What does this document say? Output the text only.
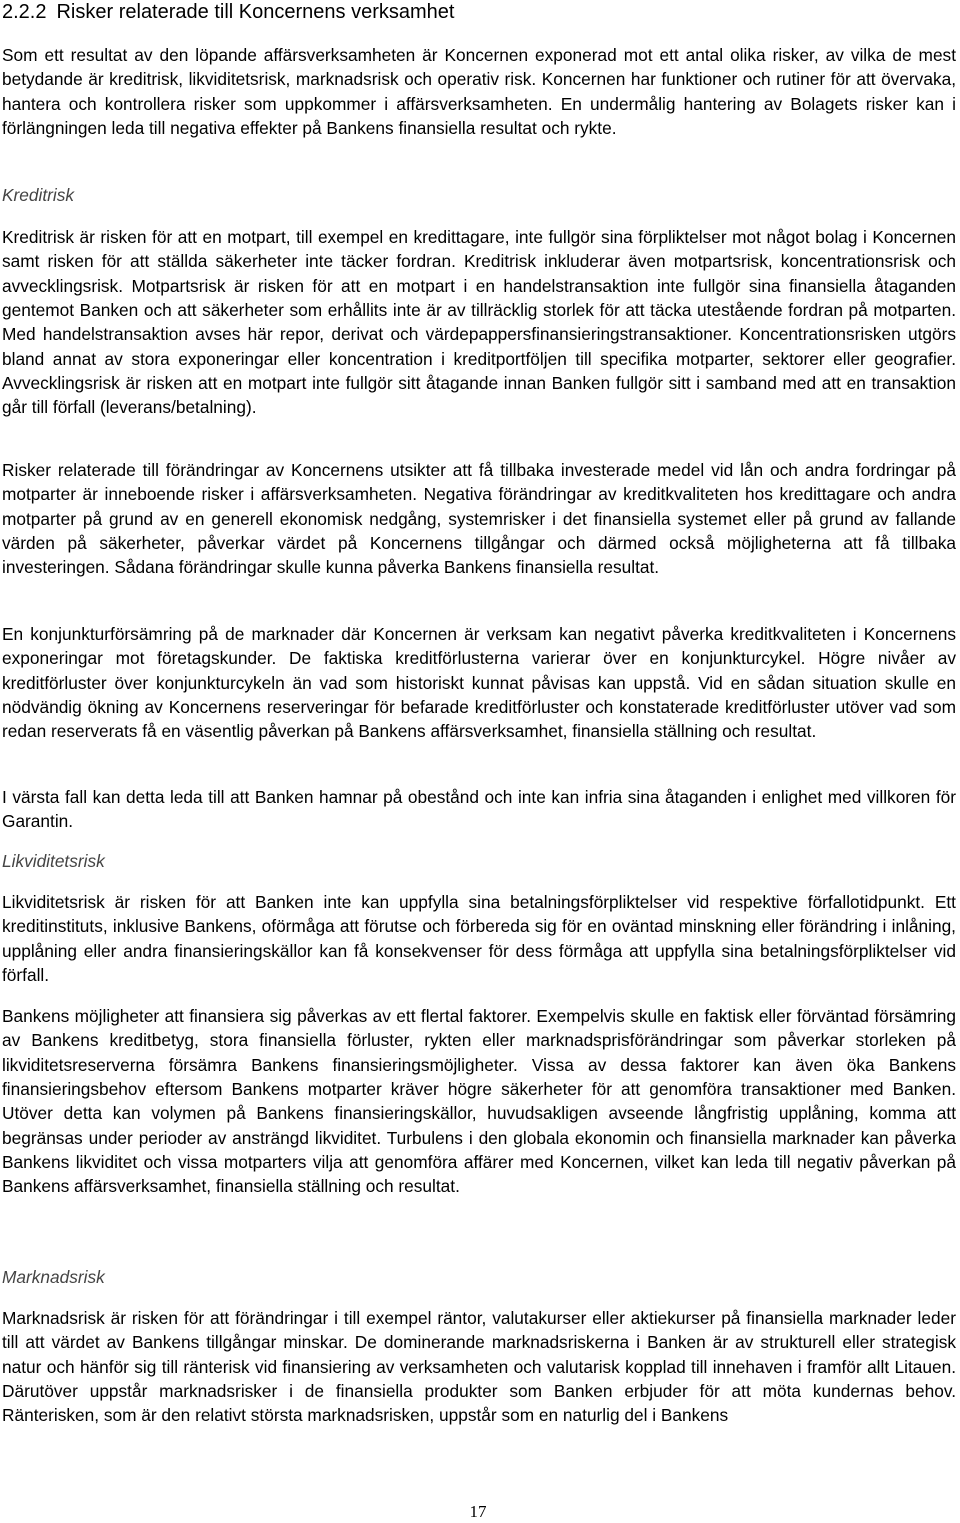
2.2.2 Risker relaterade till Koncernens verksamhet

Som ett resultat av den löpande affärsverksamheten är Koncernen exponerad mot ett antal olika risker, av vilka de mest betydande är kreditrisk, likviditetsrisk, marknadsrisk och operativ risk. Koncernen har funktioner och rutiner för att övervaka, hantera och kontrollera risker som uppkommer i affärsverksamheten. En undermålig hantering av Bolagets risker kan i förlängningen leda till negativa effekter på Bankens finansiella resultat och rykte.

Kreditrisk

Kreditrisk är risken för att en motpart, till exempel en kredittagare, inte fullgör sina förpliktelser mot något bolag i Koncernen samt risken för att ställda säkerheter inte täcker fordran. Kreditrisk inkluderar även motpartsrisk, koncentrationsrisk och avvecklingsrisk. Motpartsrisk är risken för att en motpart i en handelstransaktion inte fullgör sina finansiella åtaganden gentemot Banken och att säkerheter som erhållits inte är av tillräcklig storlek för att täcka utestående fordran på motparten. Med handelstransaktion avses här repor, derivat och värdepappersfinansieringstransaktioner. Koncentrationsrisken utgörs bland annat av stora exponeringar eller koncentration i kreditportföljen till specifika motparter, sektorer eller geografier. Avvecklingsrisk är risken att en motpart inte fullgör sitt åtagande innan Banken fullgör sitt i samband med att en transaktion går till förfall (leverans/betalning).

Risker relaterade till förändringar av Koncernens utsikter att få tillbaka investerade medel vid lån och andra fordringar på motparter är inneboende risker i affärsverksamheten. Negativa förändringar av kreditkvaliteten hos kredittagare och andra motparter på grund av en generell ekonomisk nedgång, systemrisker i det finansiella systemet eller på grund av fallande värden på säkerheter, påverkar värdet på Koncernens tillgångar och därmed också möjligheterna att få tillbaka investeringen. Sådana förändringar skulle kunna påverka Bankens finansiella resultat.

En konjunkturförsämring på de marknader där Koncernen är verksam kan negativt påverka kreditkvaliteten i Koncernens exponeringar mot företagskunder. De faktiska kreditförlusterna varierar över en konjunkturcykel. Högre nivåer av kreditförluster över konjunkturcykeln än vad som historiskt kunnat påvisas kan uppstå. Vid en sådan situation skulle en nödvändig ökning av Koncernens reserveringar för befarade kreditförluster och konstaterade kreditförluster utöver vad som redan reserverats få en väsentlig påverkan på Bankens affärsverksamhet, finansiella ställning och resultat.

I värsta fall kan detta leda till att Banken hamnar på obestånd och inte kan infria sina åtaganden i enlighet med villkoren för Garantin.

Likviditetsrisk

Likviditetsrisk är risken för att Banken inte kan uppfylla sina betalningsförpliktelser vid respektive förfallotidpunkt. Ett kreditinstituts, inklusive Bankens, oförmåga att förutse och förbereda sig för en oväntad minskning eller förändring i inlåning, upplåning eller andra finansieringskällor kan få konsekvenser för dess förmåga att uppfylla sina betalningsförpliktelser vid förfall.

Bankens möjligheter att finansiera sig påverkas av ett flertal faktorer. Exempelvis skulle en faktisk eller förväntad försämring av Bankens kreditbetyg, stora finansiella förluster, rykten eller marknadsprisförändringar som påverkar storleken på likviditetsreserverna försämra Bankens finansieringsmöjligheter. Vissa av dessa faktorer kan även öka Bankens finansieringsbehov eftersom Bankens motparter kräver högre säkerheter för att genomföra transaktioner med Banken. Utöver detta kan volymen på Bankens finansieringskällor, huvudsakligen avseende långfristig upplåning, komma att begränsas under perioder av ansträngd likviditet. Turbulens i den globala ekonomin och finansiella marknader kan påverka Bankens likviditet och vissa motparters vilja att genomföra affärer med Koncernen, vilket kan leda till negativ påverkan på Bankens affärsverksamhet, finansiella ställning och resultat.

Marknadsrisk

Marknadsrisk är risken för att förändringar i till exempel räntor, valutakurser eller aktiekurser på finansiella marknader leder till att värdet av Bankens tillgångar minskar. De dominerande marknadsriskerna i Banken är av strukturell eller strategisk natur och hänför sig till ränterisk vid finansiering av verksamheten och valutarisk kopplad till innehaven i framför allt Litauen. Därutöver uppstår marknadsrisker i de finansiella produkter som Banken erbjuder för att möta kundernas behov. Ränterisken, som är den relativt största marknadsrisken, uppstår som en naturlig del i Bankens

17
